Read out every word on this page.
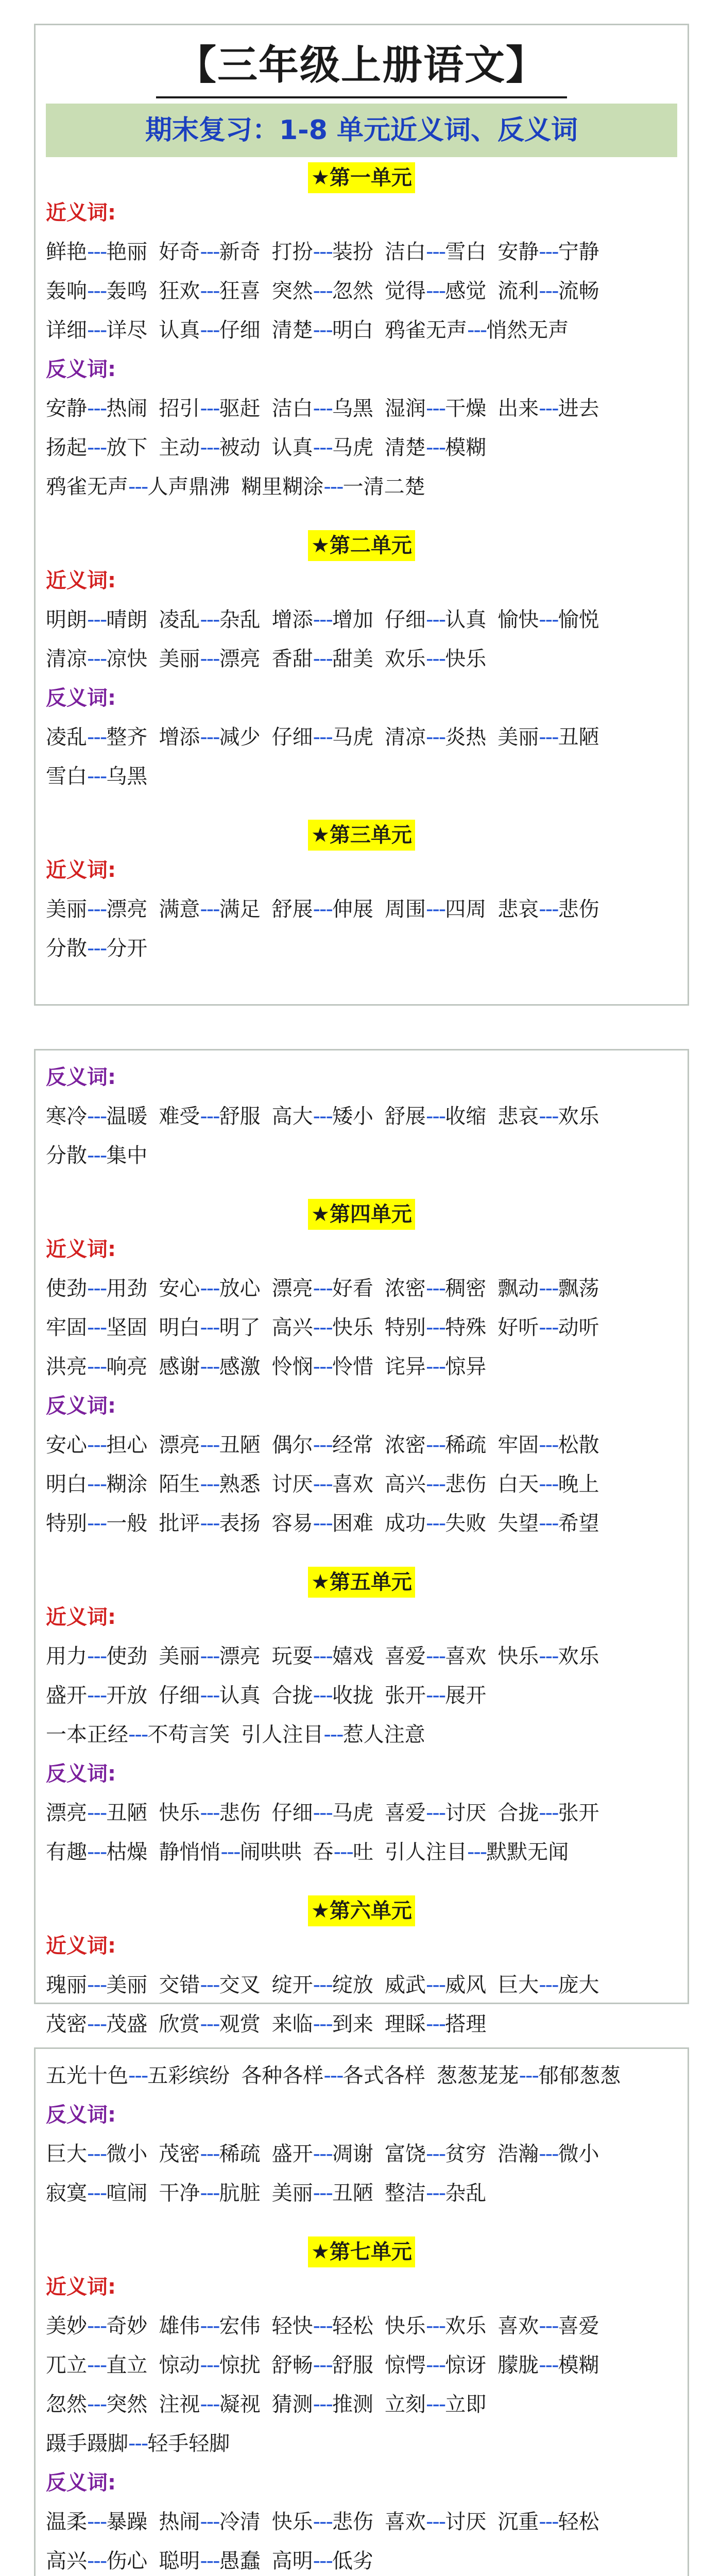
【三年级上册语文】
期末复习：1-8 单元近义词、反义词
★第一单元
近义词:
鲜艳---艳丽 好奇---新奇 打扮---装扮 洁白---雪白 安静---宁静
轰响---轰鸣 狂欢---狂喜 突然---忽然 觉得---感觉 流利---流畅
详细---详尽 认真---仔细 清楚---明白 鸦雀无声---悄然无声
反义词:
安静---热闹 招引---驱赶 洁白---乌黑 湿润---干燥 出来---进去
扬起---放下 主动---被动 认真---马虎 清楚---模糊
鸦雀无声---人声鼎沸 糊里糊涂---一清二楚
★第二单元
近义词:
明朗---晴朗 凌乱---杂乱 增添---增加 仔细---认真 愉快---愉悦
清凉---凉快 美丽---漂亮 香甜---甜美 欢乐---快乐
反义词:
凌乱---整齐 增添---减少 仔细---马虎 清凉---炎热 美丽---丑陋
雪白---乌黑
★第三单元
近义词:
美丽---漂亮 满意---满足 舒展---伸展 周围---四周 悲哀---悲伤
分散---分开
反义词:
寒冷---温暖 难受---舒服 高大---矮小 舒展---收缩 悲哀---欢乐
分散---集中
★第四单元
近义词:
使劲---用劲 安心---放心 漂亮---好看 浓密---稠密 飘动---飘荡
牢固---坚固 明白---明了 高兴---快乐 特别---特殊 好听---动听
洪亮---响亮 感谢---感激 怜悯---怜惜 诧异---惊异
反义词:
安心---担心 漂亮---丑陋 偶尔---经常 浓密---稀疏 牢固---松散
明白---糊涂 陌生---熟悉 讨厌---喜欢 高兴---悲伤 白天---晚上
特别---一般 批评---表扬 容易---困难 成功---失败 失望---希望
★第五单元
近义词:
用力---使劲 美丽---漂亮 玩耍---嬉戏 喜爱---喜欢 快乐---欢乐
盛开---开放 仔细---认真 合拢---收拢 张开---展开
一本正经---不苟言笑 引人注目---惹人注意
反义词:
漂亮---丑陋 快乐---悲伤 仔细---马虎 喜爱---讨厌 合拢---张开
有趣---枯燥 静悄悄---闹哄哄 吞---吐 引人注目---默默无闻
★第六单元
近义词:
瑰丽---美丽 交错---交叉 绽开---绽放 威武---威风 巨大---庞大
茂密---茂盛 欣赏---观赏 来临---到来 理睬---搭理
五光十色---五彩缤纷 各种各样---各式各样 葱葱茏茏---郁郁葱葱
反义词:
巨大---微小 茂密---稀疏 盛开---凋谢 富饶---贫穷 浩瀚---微小
寂寞---喧闹 干净---肮脏 美丽---丑陋 整洁---杂乱
★第七单元
近义词:
美妙---奇妙 雄伟---宏伟 轻快---轻松 快乐---欢乐 喜欢---喜爱
兀立---直立 惊动---惊扰 舒畅---舒服 惊愕---惊讶 朦胧---模糊
忽然---突然 注视---凝视 猜测---推测 立刻---立即
蹑手蹑脚---轻手轻脚
反义词:
温柔---暴躁 热闹---冷清 快乐---悲伤 喜欢---讨厌 沉重---轻松
高兴---伤心 聪明---愚蠢 高明---低劣
